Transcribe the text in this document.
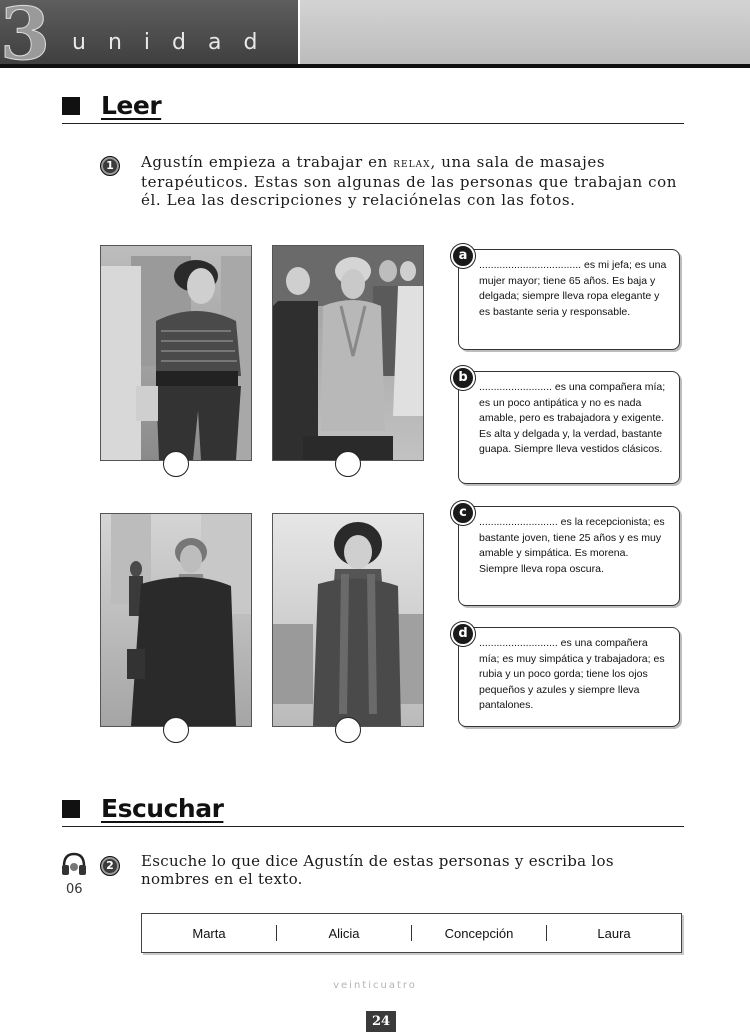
3 unidad
Leer
1	Agustín empieza a trabajar en relax, una sala de masajes terapéuticos. Estas son algunas de las personas que trabajan con él. Lea las descripciones y relaciónelas con las fotos.
................................... es mi jefa; es una mujer mayor; tiene 65 años. Es baja y delgada; siempre lleva ropa elegante y es bastante seria y responsable.
a
......................... es una compañera mía; es un poco antipática y no es nada amable, pero es trabajadora y exigente. Es alta y delgada y, la verdad, bastante guapa. Siempre lleva vestidos clásicos.
b
........................... es la recepcionista; es bastante joven, tiene 25 años y es muy amable y simpática. Es morena. Siempre lleva ropa oscura.
c
........................... es una compañera mía; es muy simpática y trabajadora; es rubia y un poco gorda; tiene los ojos pequeños y azules y siempre lleva pantalones.
d
Escuchar
06
2	Escuche lo que dice Agustín de estas personas y escriba los nombres en el texto.
Marta	Alicia	Concepción	Laura
veinticuatro
24
